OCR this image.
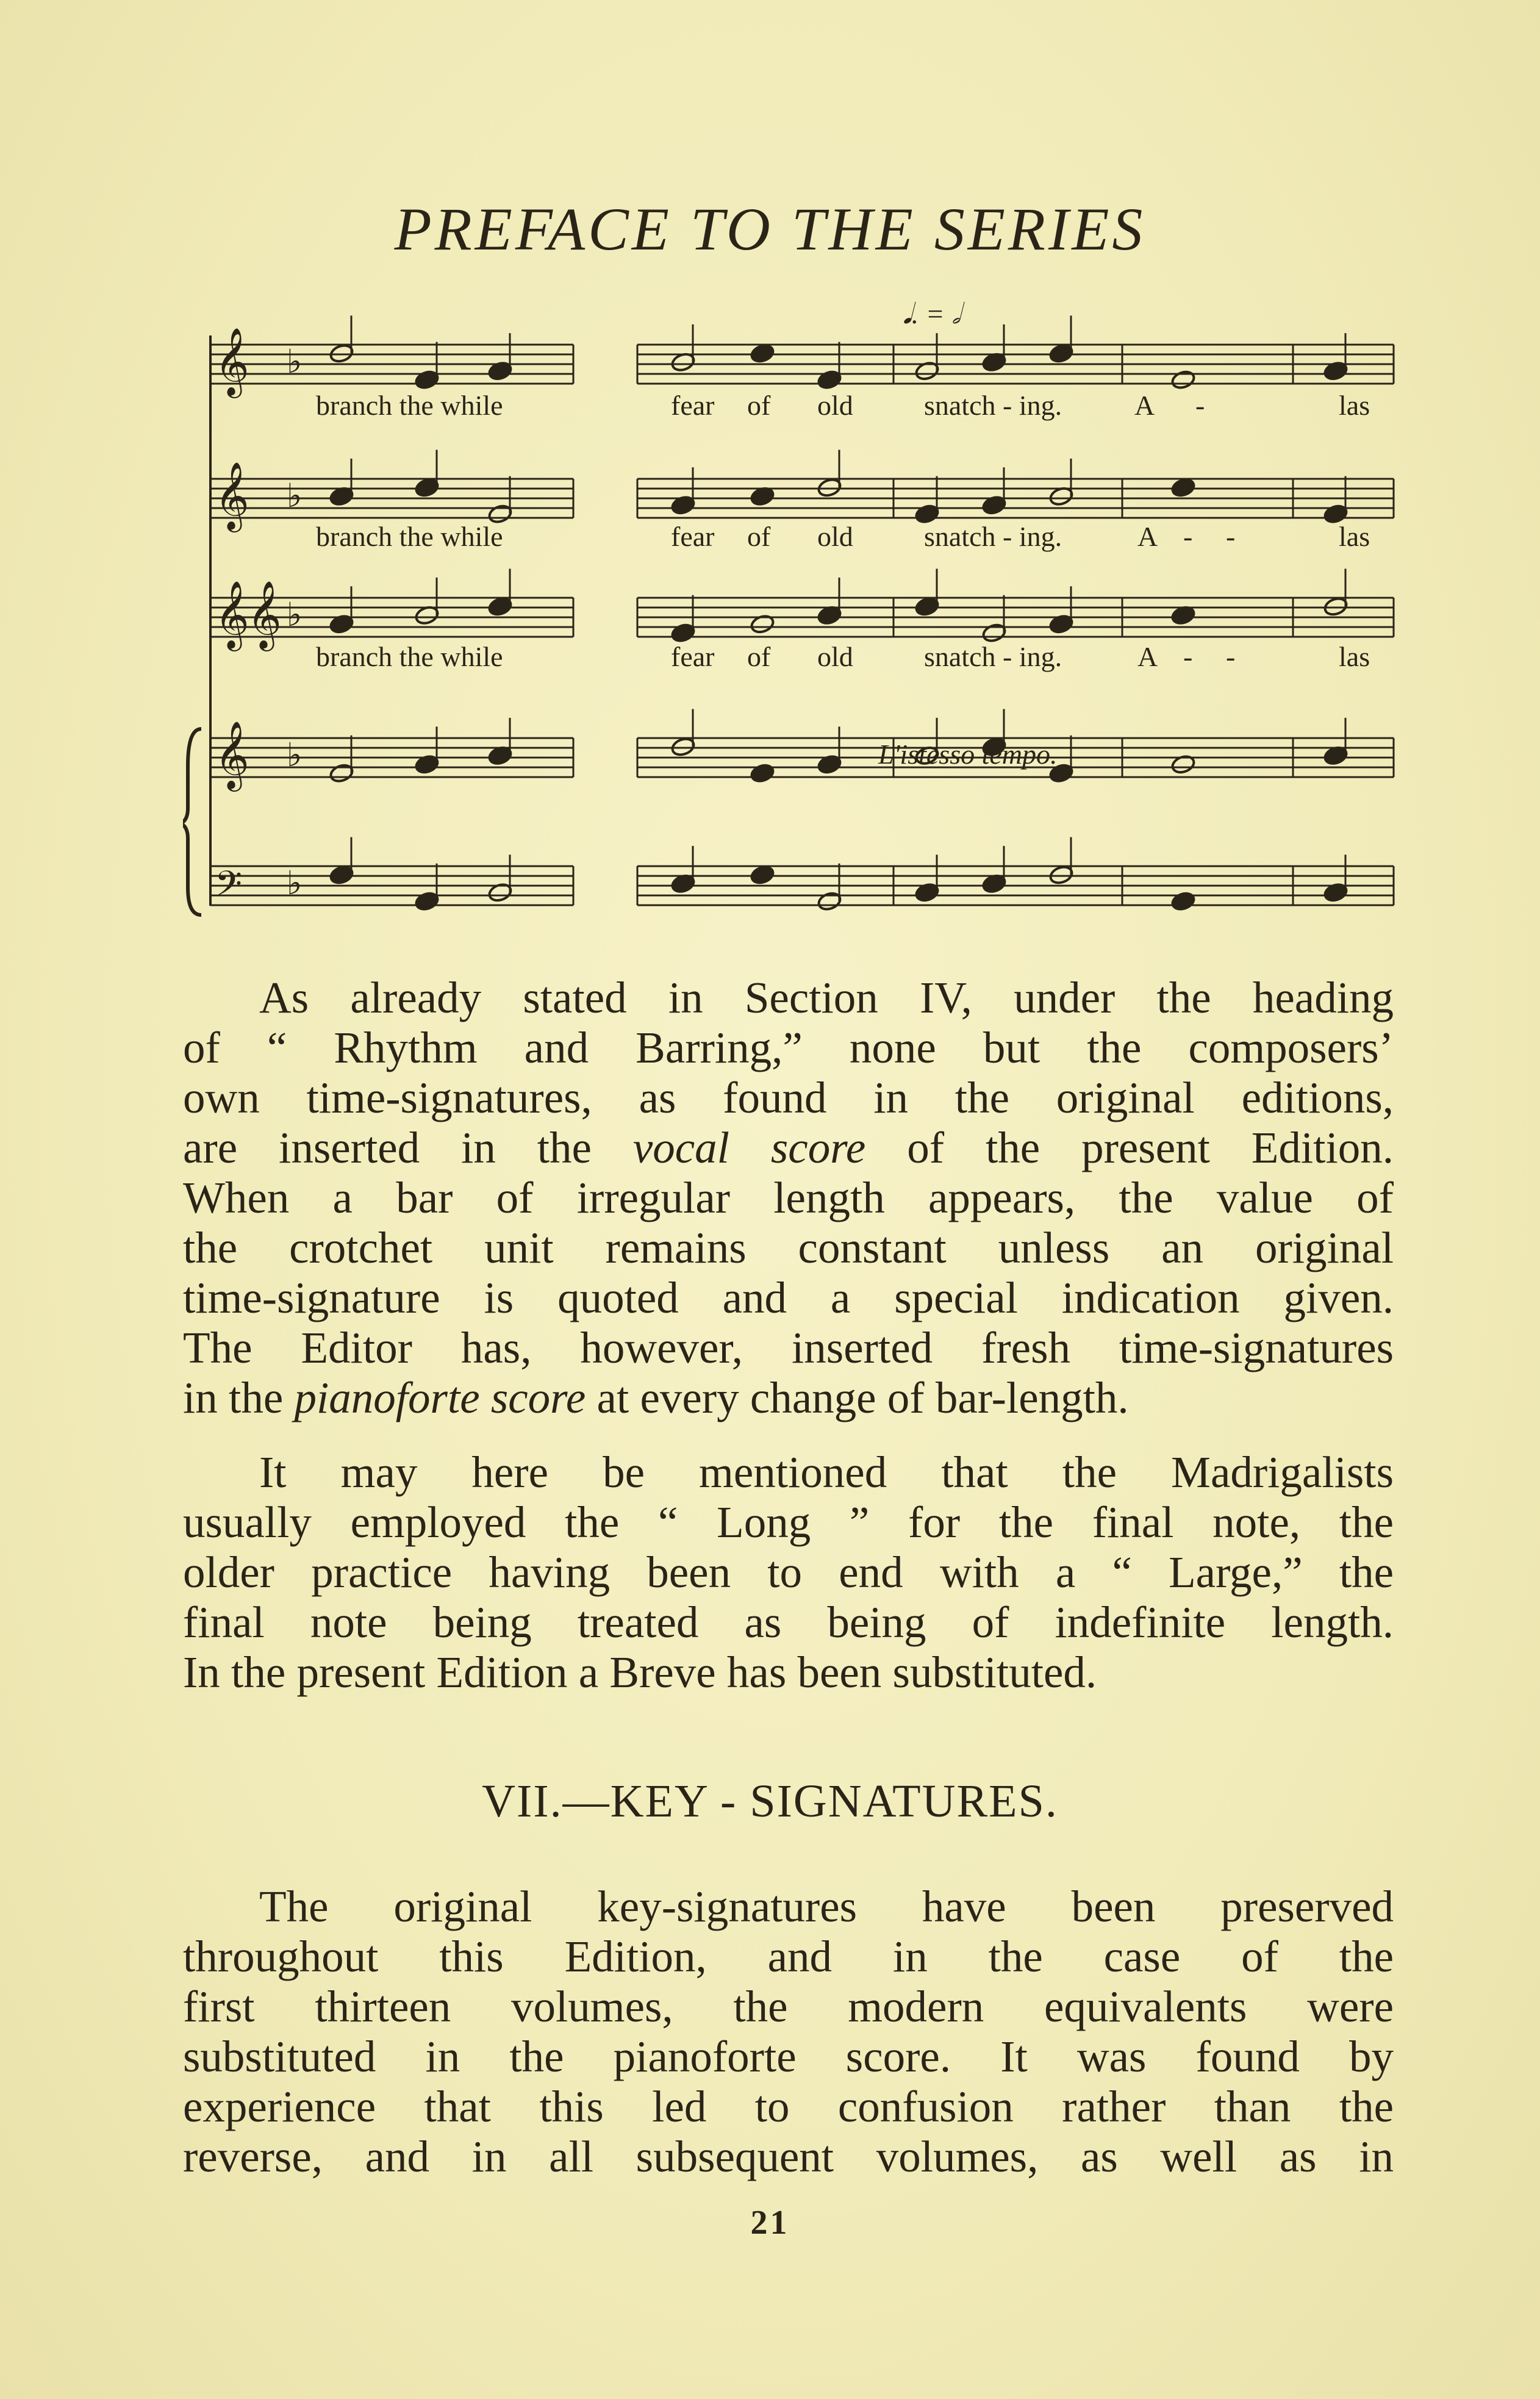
PREFACE TO THE SERIES
𝄞 ♭
𝄞 ♭
𝄞
𝄞 ♭
𝄞 ♭
𝄢 ♭
branch the while	fear of old	snatch - ing.	A -	las
branch the while	fear of old	snatch - ing.	A - -	las
branch the while	fear of old	snatch - ing.	A - -	las
𝅘𝅥. = 𝅗𝅥
L'istesso tempo.

As already stated in Section IV, under the heading

of “ Rhythm and Barring,” none but the composers’

own time-signatures, as found in the original editions,

are inserted in the vocal score of the present Edition.

When a bar of irregular length appears, the value of

the crotchet unit remains constant unless an original

time-signature is quoted and a special indication given.

The Editor has, however, inserted fresh time-signatures

in the pianoforte score at every change of bar-length.

It may here be mentioned that the Madrigalists

usually employed the “ Long ” for the final note, the

older practice having been to end with a “ Large,” the

final note being treated as being of indefinite length.

In the present Edition a Breve has been substituted.

VII.—KEY - SIGNATURES.

The original key-signatures have been preserved

throughout this Edition, and in the case of the

first thirteen volumes, the modern equivalents were

substituted in the pianoforte score. It was found by

experience that this led to confusion rather than the

reverse, and in all subsequent volumes, as well as in

21
